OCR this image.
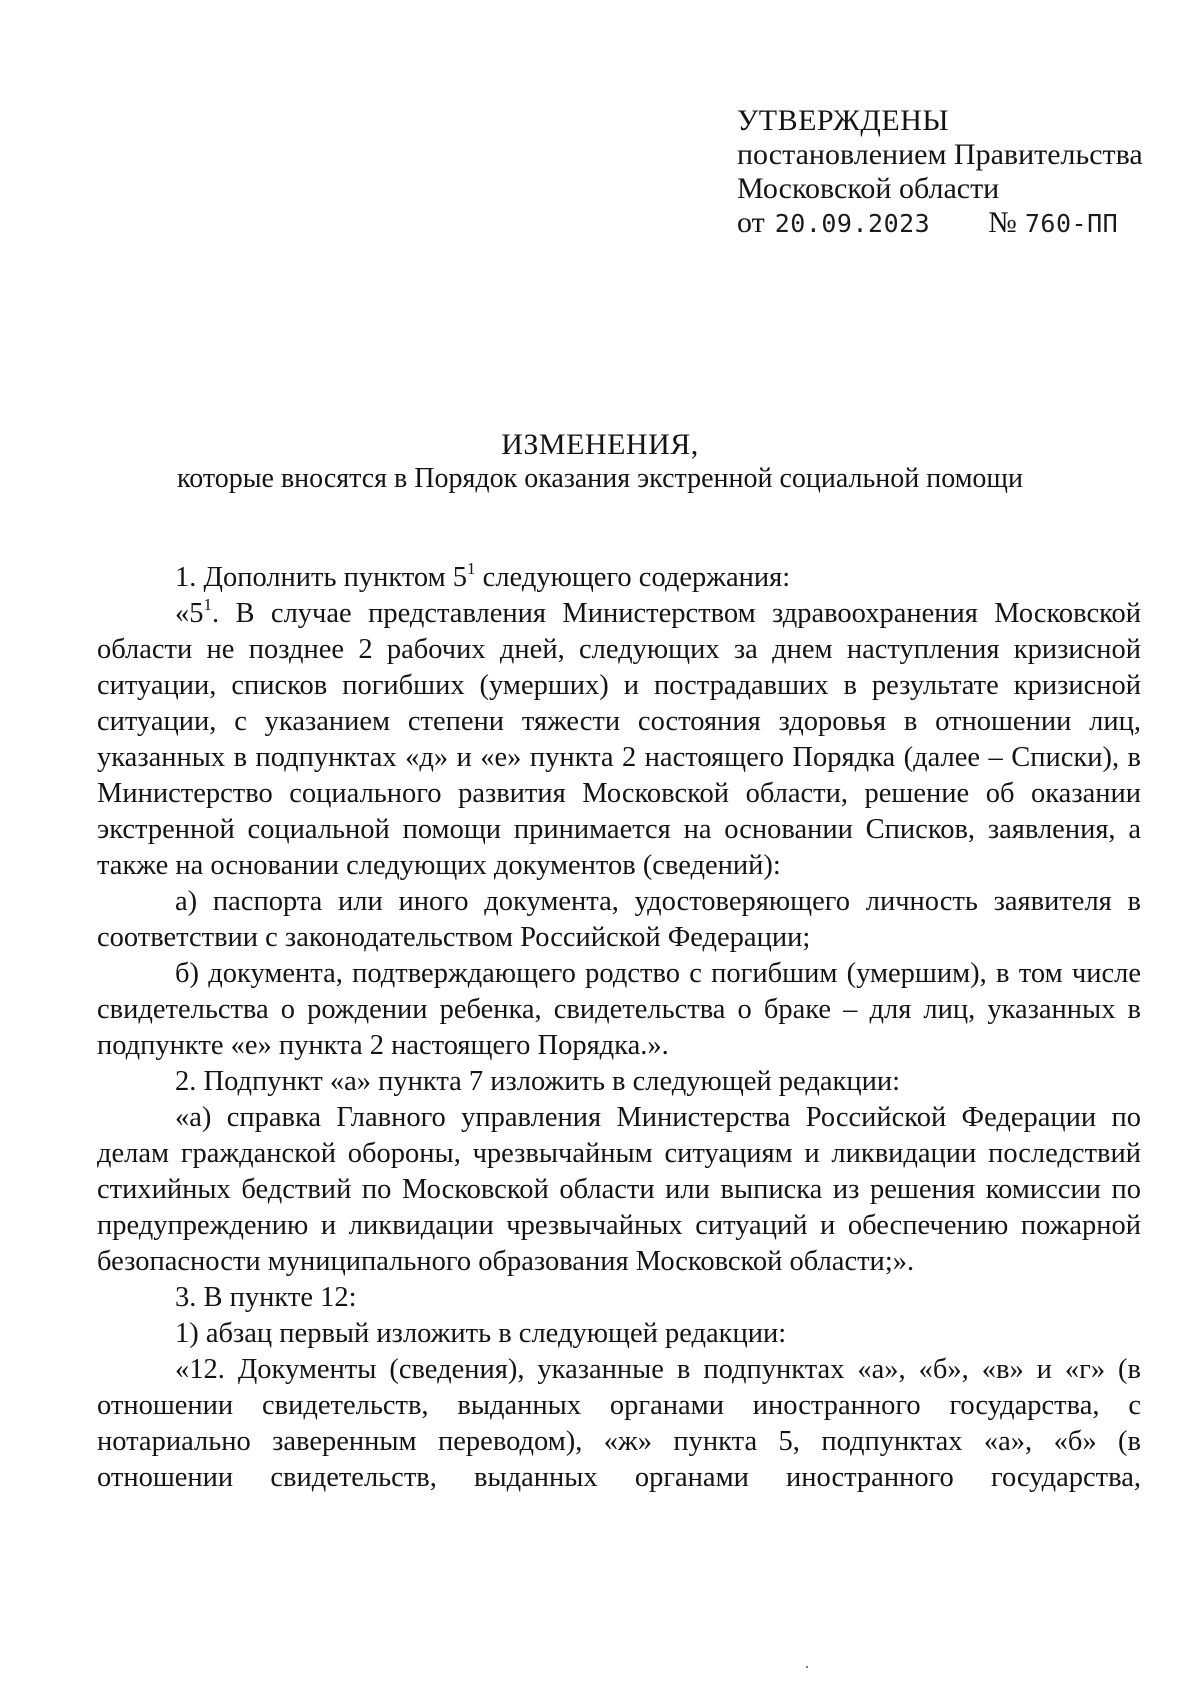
УТВЕРЖДЕНЫ
постановлением Правительства
Московской области
от 20.09.2023 № 760-ПП
ИЗМЕНЕНИЯ,
которые вносятся в Порядок оказания экстренной социальной помощи

1. Дополнить пунктом $5^1$ следующего содержания:

«$5^1$. В случае представления Министерством здравоохранения Московской области не позднее 2 рабочих дней, следующих за днем наступления кризисной ситуации, списков погибших (умерших) и пострадавших в результате кризисной ситуации, с указанием степени тяжести состояния здоровья в отношении лиц, указанных в подпунктах «д» и «е» пункта 2 настоящего Порядка (далее – Списки), в Министерство социального развития Московской области, решение об оказании экстренной социальной помощи принимается на основании Списков, заявления, а также на основании следующих документов (сведений):

а) паспорта или иного документа, удостоверяющего личность заявителя в соответствии с законодательством Российской Федерации;

б) документа, подтверждающего родство с погибшим (умершим), в том числе свидетельства о рождении ребенка, свидетельства о браке – для лиц, указанных в подпункте «е» пункта 2 настоящего Порядка.».

2. Подпункт «а» пункта 7 изложить в следующей редакции:

«а) справка Главного управления Министерства Российской Федерации по делам гражданской обороны, чрезвычайным ситуациям и ликвидации последствий стихийных бедствий по Московской области или выписка из решения комиссии по предупреждению и ликвидации чрезвычайных ситуаций и обеспечению пожарной безопасности муниципального образования Московской области;».

3. В пункте 12:

1) абзац первый изложить в следующей редакции:

«12. Документы (сведения), указанные в подпунктах «а», «б», «в» и «г» (в отношении свидетельств, выданных органами иностранного государства, с нотариально заверенным переводом), «ж» пункта 5, подпунктах «а», «б» (в отношении свидетельств, выданных органами иностранного государства,
